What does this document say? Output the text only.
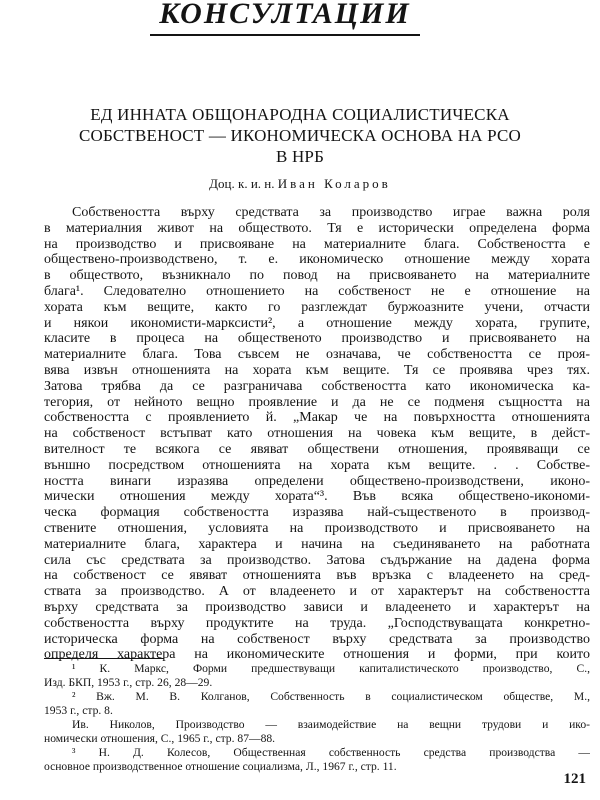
КОНСУЛТАЦИИ
ЕД ИННАТА ОБЩОНАРОДНА СОЦИАЛИСТИЧЕСКА
СОБСТВЕНОСТ — ИКОНОМИЧЕСКА ОСНОВА НА РСО
В НРБ
Доц. к. и. н. Иван Коларов
Собствеността върху средствата за производство играе важна роля
в материалния живот на обществото. Тя е исторически определена форма
на производство и присвояване на материалните блага. Собствеността е
обществено-производствено, т. е. икономическо отношение между хората
в обществото, възникнало по повод на присвояването на материалните
блага¹. Следователно отношението на собственост не е отношение на
хората към вещите, както го разглеждат буржоазните учени, отчасти
и някои икономисти-марксисти², а отношение между хората, групите,
класите в процеса на общественото производство и присвояването на
материалните блага. Това съвсем не означава, че собствеността се проя-
вява извън отношенията на хората към вещите. Тя се проявява чрез тях.
Затова трябва да се разграничава собствеността като икономическа ка-
тегория, от нейното вещно проявление и да не се подменя същността на
собствеността с проявлението й. „Макар че на повърхността отношенията
на собственост встъпват като отношения на човека към вещите, в дейст-
вителност те всякога се явяват обществени отношения, проявяващи се
външно посредством отношенията на хората към вещите. . . Собстве-
ността винаги изразява определени обществено-производствени, иконо-
мически отношения между хората“³. Във всяка обществено-икономи-
ческа формация собствеността изразява най-същественото в производ-
ствените отношения, условията на производството и присвояването на
материалните блага, характера и начина на съединяването на работната
сила със средствата за производство. Затова съдържание на дадена форма
на собственост се явяват отношенията във връзка с владеенето на сред-
ствата за производство. А от владеенето и от характерът на собствеността
върху средствата за производство зависи и владеенето и характерът на
собствеността върху продуктите на труда. „Господствуващата конкретно-
историческа форма на собственост върху средствата за производство
определя характера на икономическите отношения и форми, при които
¹ К. Маркс, Форми предшествуващи капиталистическото производство, С.,
Изд. БКП, 1953 г., стр. 26, 28—29.
² Вж. М. В. Колганов, Собственность в социалистическом обществе, М.,
1953 г., стр. 8.
Ив. Николов, Производство — взаимодействие на вещни трудови и ико-
номически отношения, С., 1965 г., стр. 87—88.
³ Н. Д. Колесов, Общественная собственность средства производства —
основное производственное отношение социализма, Л., 1967 г., стр. 11.
121
